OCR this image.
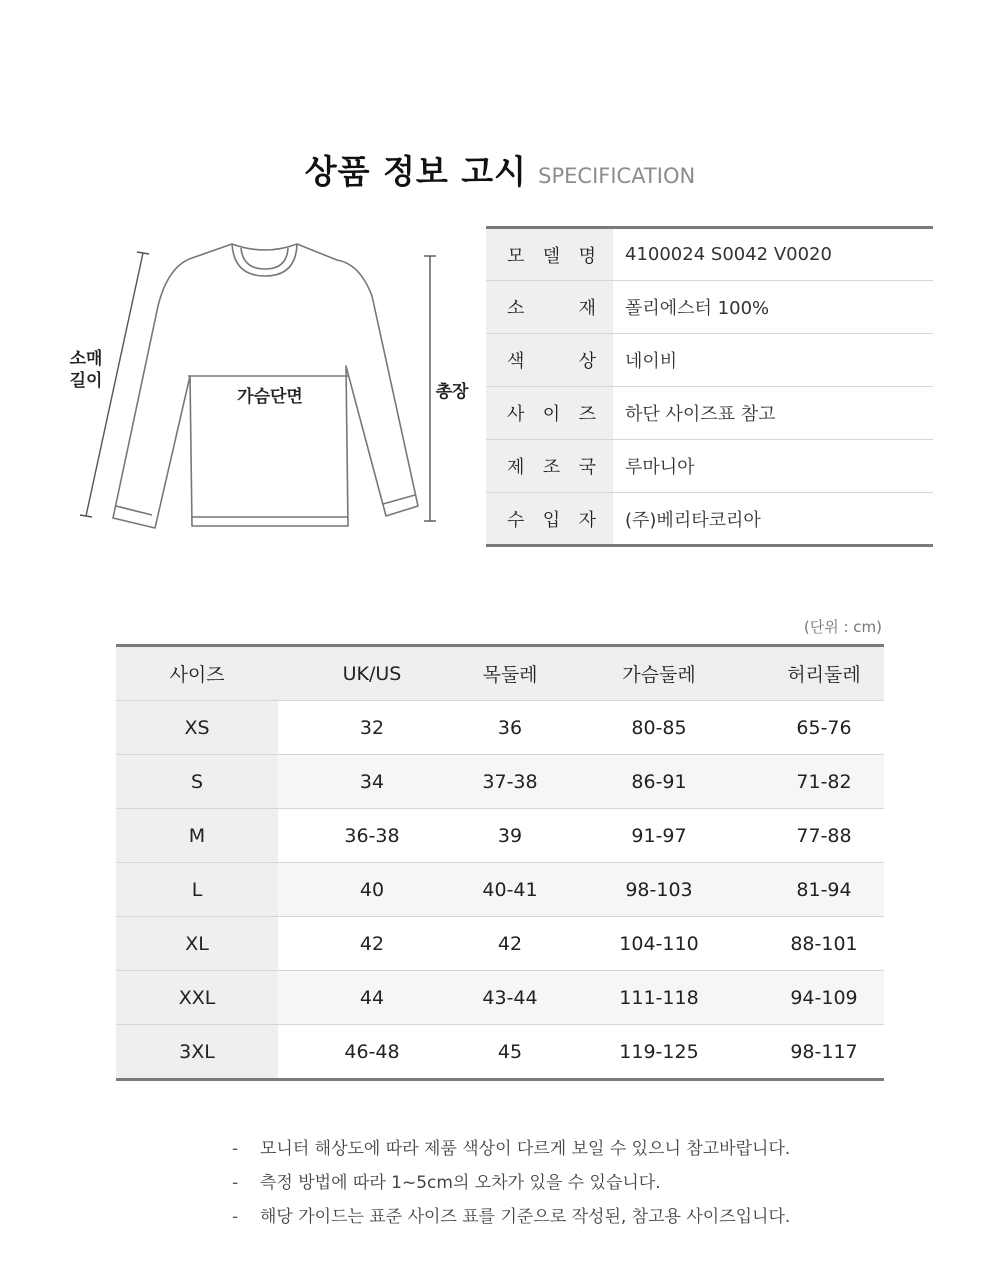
상품 정보 고시 SPECIFICATION
소매
길이
가슴단면	총장
모 델 명	4100024 S0042 V0020

소 재	폴리에스터 100%

색 상	네이비

사 이 즈	하단 사이즈표 참고

제 조 국	루마니아

수 입 자	(주)베리타코리아
(단위 : cm)
사이즈	UK/US	목둘레	가슴둘레	허리둘레
XS	32	36	80-85	65-76
S	34	37-38	86-91	71-82
M	36-38	39	91-97	77-88
L	40	40-41	98-103	81-94
XL	42	42	104-110	88-101
XXL	44	43-44	111-118	94-109
3XL	46-48	45	119-125	98-117
- 모니터 해상도에 따라 제품 색상이 다르게 보일 수 있으니 참고바랍니다.
- 측정 방법에 따라 1~5cm의 오차가 있을 수 있습니다.
- 해당 가이드는 표준 사이즈 표를 기준으로 작성된, 참고용 사이즈입니다.
